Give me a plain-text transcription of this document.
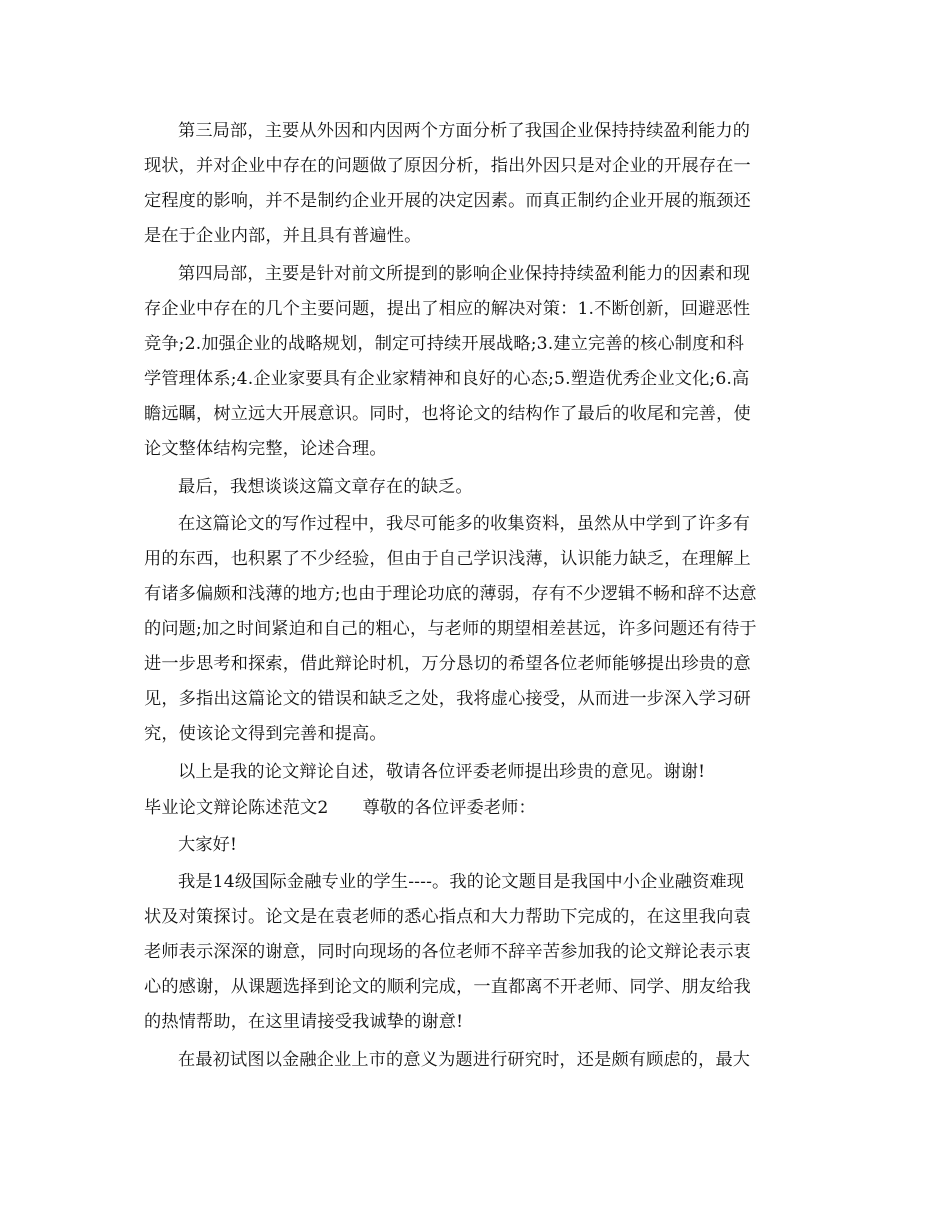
第三局部，主要从外因和内因两个方面分析了我国企业保持持续盈利能力的
现状，并对企业中存在的问题做了原因分析，指出外因只是对企业的开展存在一
定程度的影响，并不是制约企业开展的决定因素。而真正制约企业开展的瓶颈还
是在于企业内部，并且具有普遍性。
第四局部，主要是针对前文所提到的影响企业保持持续盈利能力的因素和现
存企业中存在的几个主要问题，提出了相应的解决对策：1.不断创新，回避恶性
竞争;2.加强企业的战略规划，制定可持续开展战略;3.建立完善的核心制度和科
学管理体系;4.企业家要具有企业家精神和良好的心态;5.塑造优秀企业文化;6.高
瞻远瞩，树立远大开展意识。同时，也将论文的结构作了最后的收尾和完善，使
论文整体结构完整，论述合理。
最后，我想谈谈这篇文章存在的缺乏。
在这篇论文的写作过程中，我尽可能多的收集资料，虽然从中学到了许多有
用的东西，也积累了不少经验，但由于自己学识浅薄，认识能力缺乏，在理解上
有诸多偏颇和浅薄的地方;也由于理论功底的薄弱，存有不少逻辑不畅和辞不达意
的问题;加之时间紧迫和自己的粗心，与老师的期望相差甚远，许多问题还有待于
进一步思考和探索，借此辩论时机，万分恳切的希望各位老师能够提出珍贵的意
见，多指出这篇论文的错误和缺乏之处，我将虚心接受，从而进一步深入学习研
究，使该论文得到完善和提高。
以上是我的论文辩论自述，敬请各位评委老师提出珍贵的意见。谢谢!
毕业论文辩论陈述范文2 尊敬的各位评委老师：
大家好!
我是14级国际金融专业的学生----。我的论文题目是我国中小企业融资难现
状及对策探讨。论文是在袁老师的悉心指点和大力帮助下完成的，在这里我向袁
老师表示深深的谢意，同时向现场的各位老师不辞辛苦参加我的论文辩论表示衷
心的感谢，从课题选择到论文的顺利完成，一直都离不开老师、同学、朋友给我
的热情帮助，在这里请接受我诚挚的谢意!
在最初试图以金融企业上市的意义为题进行研究时，还是颇有顾虑的，最大
